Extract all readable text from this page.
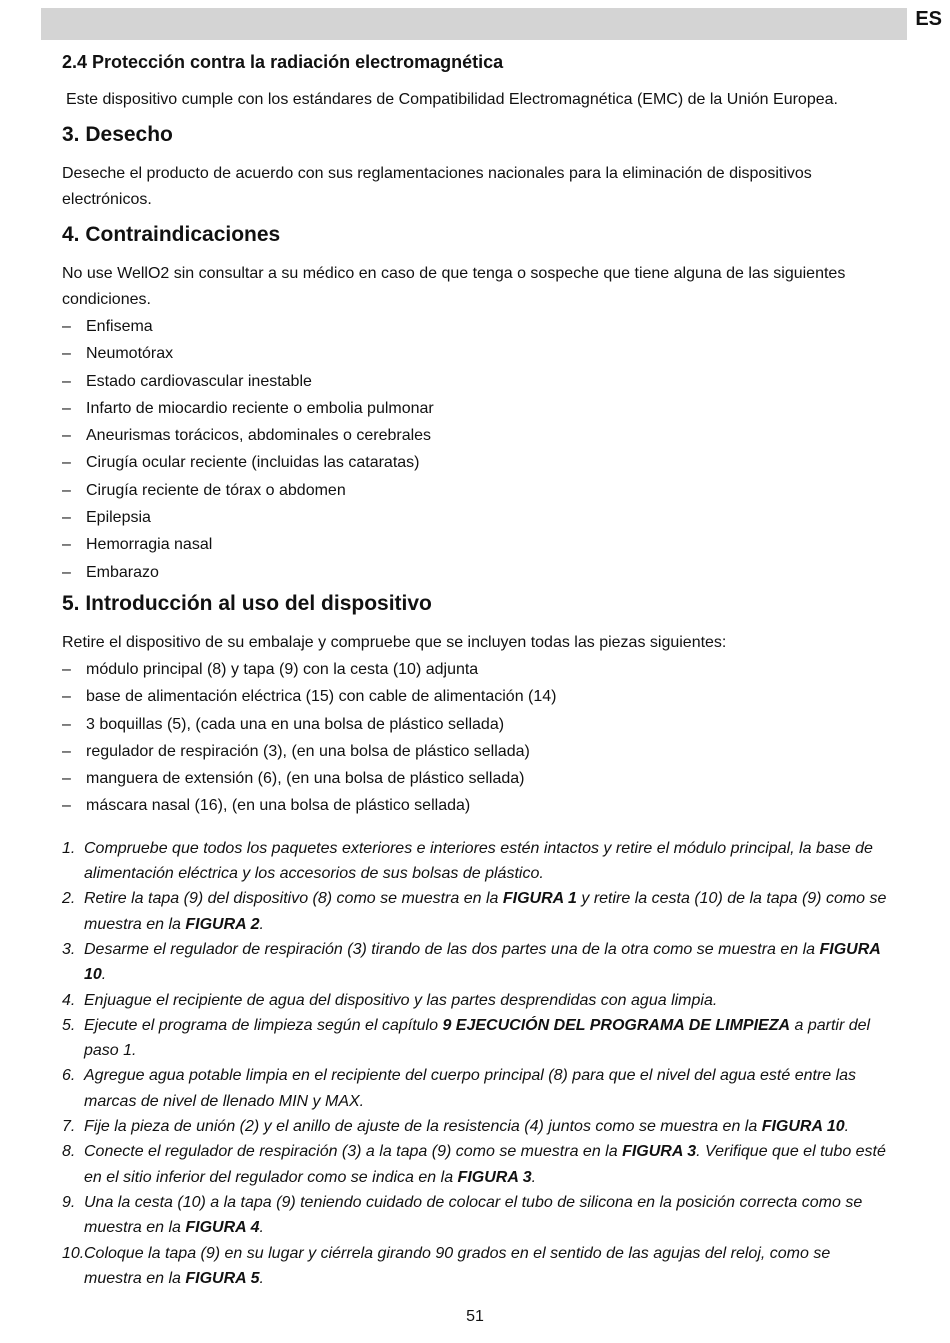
ES
2.4 Protección contra la radiación electromagnética

Este dispositivo cumple con los estándares de Compatibilidad Electromagnética (EMC) de la Unión Europea.

3. Desecho

Deseche el producto de acuerdo con sus reglamentaciones nacionales para la eliminación de dispositivos electrónicos.

4. Contraindicaciones

No use WellO2 sin consultar a su médico en caso de que tenga o sospeche que tiene alguna de las siguientes condiciones.

– Enfisema
– Neumotórax
– Estado cardiovascular inestable
– Infarto de miocardio reciente o embolia pulmonar
– Aneurismas torácicos, abdominales o cerebrales
– Cirugía ocular reciente (incluidas las cataratas)
– Cirugía reciente de tórax o abdomen
– Epilepsia
– Hemorragia nasal
– Embarazo
5. Introducción al uso del dispositivo

Retire el dispositivo de su embalaje y compruebe que se incluyen todas las piezas siguientes:

– módulo principal (8) y tapa (9) con la cesta (10) adjunta
– base de alimentación eléctrica (15) con cable de alimentación (14)
– 3 boquillas (5), (cada una en una bolsa de plástico sellada)
– regulador de respiración (3), (en una bolsa de plástico sellada)
– manguera de extensión (6), (en una bolsa de plástico sellada)
– máscara nasal (16), (en una bolsa de plástico sellada)
1. Compruebe que todos los paquetes exteriores e interiores estén intactos y retire el módulo principal, la base de alimentación eléctrica y los accesorios de sus bolsas de plástico.
2. Retire la tapa (9) del dispositivo (8) como se muestra en la FIGURA 1 y retire la cesta (10) de la tapa (9) como se muestra en la FIGURA 2.
3. Desarme el regulador de respiración (3) tirando de las dos partes una de la otra como se muestra en la FIGURA 10.
4. Enjuague el recipiente de agua del dispositivo y las partes desprendidas con agua limpia.
5. Ejecute el programa de limpieza según el capítulo 9 EJECUCIÓN DEL PROGRAMA DE LIMPIEZA a partir del paso 1.
6. Agregue agua potable limpia en el recipiente del cuerpo principal (8) para que el nivel del agua esté entre las marcas de nivel de llenado MIN y MAX.
7. Fije la pieza de unión (2) y el anillo de ajuste de la resistencia (4) juntos como se muestra en la FIGURA 10.
8. Conecte el regulador de respiración (3) a la tapa (9) como se muestra en la FIGURA 3. Verifique que el tubo esté en el sitio inferior del regulador como se indica en la FIGURA 3.
9. Una la cesta (10) a la tapa (9) teniendo cuidado de colocar el tubo de silicona en la posición correcta como se muestra en la FIGURA 4.
10. Coloque la tapa (9) en su lugar y ciérrela girando 90 grados en el sentido de las agujas del reloj, como se muestra en la FIGURA 5.
51
